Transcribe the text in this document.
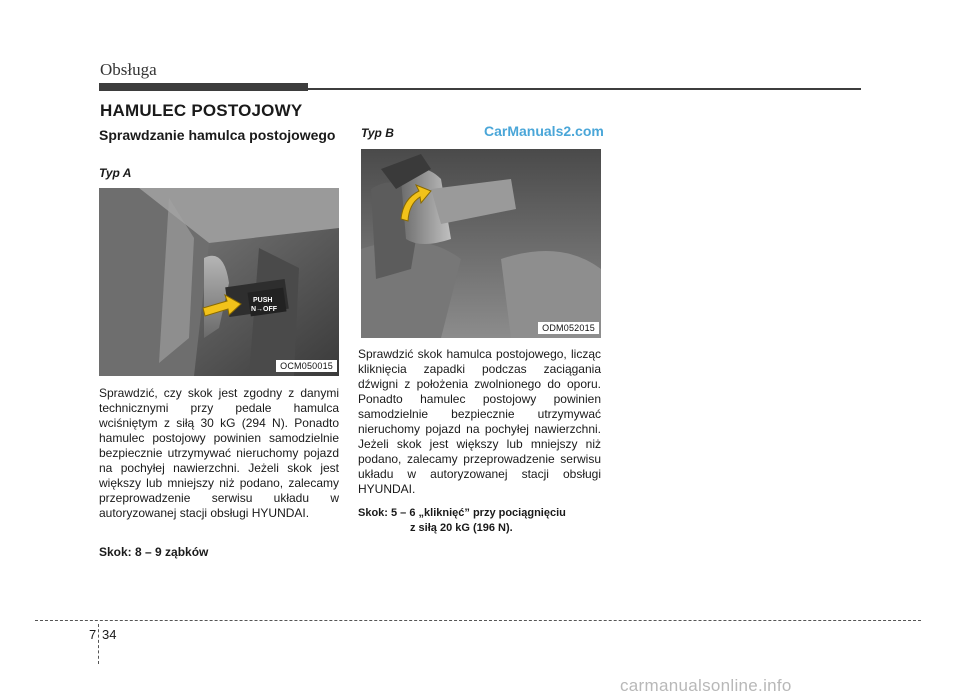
Obsługa
HAMULEC POSTOJOWY
Sprawdzanie hamulca postojowego
Typ A
PUSH
N→OFF
OCM050015
Sprawdzić, czy skok jest zgodny z danymi technicznymi przy pedale hamulca wciśniętym z siłą 30 kG (294 N). Ponadto hamulec postojowy powinien samodzielnie bezpiecznie utrzymywać nieruchomy pojazd na pochyłej nawierzchni. Jeżeli skok jest większy lub mniejszy niż podano, zalecamy przeprowadzenie serwisu układu w autoryzowanej stacji obsługi HYUNDAI.
Skok: 8 – 9 ząbków
Typ B	CarManuals2.com
ODM052015
Sprawdzić skok hamulca postojowego, licząc kliknięcia zapadki podczas zaciągania dźwigni z położenia zwolnionego do oporu. Ponadto hamulec postojowy powinien samodzielnie bezpiecznie utrzymywać nieruchomy pojazd na pochyłej nawierzchni. Jeżeli skok jest większy lub mniejszy niż podano, zalecamy przeprowadzenie serwisu układu w autoryzowanej stacji obsługi HYUNDAI.
Skok: 5 – 6 „kliknięć” przy pociągnięciu
z siłą 20 kG (196 N).
7 34
carmanualsonline.info
